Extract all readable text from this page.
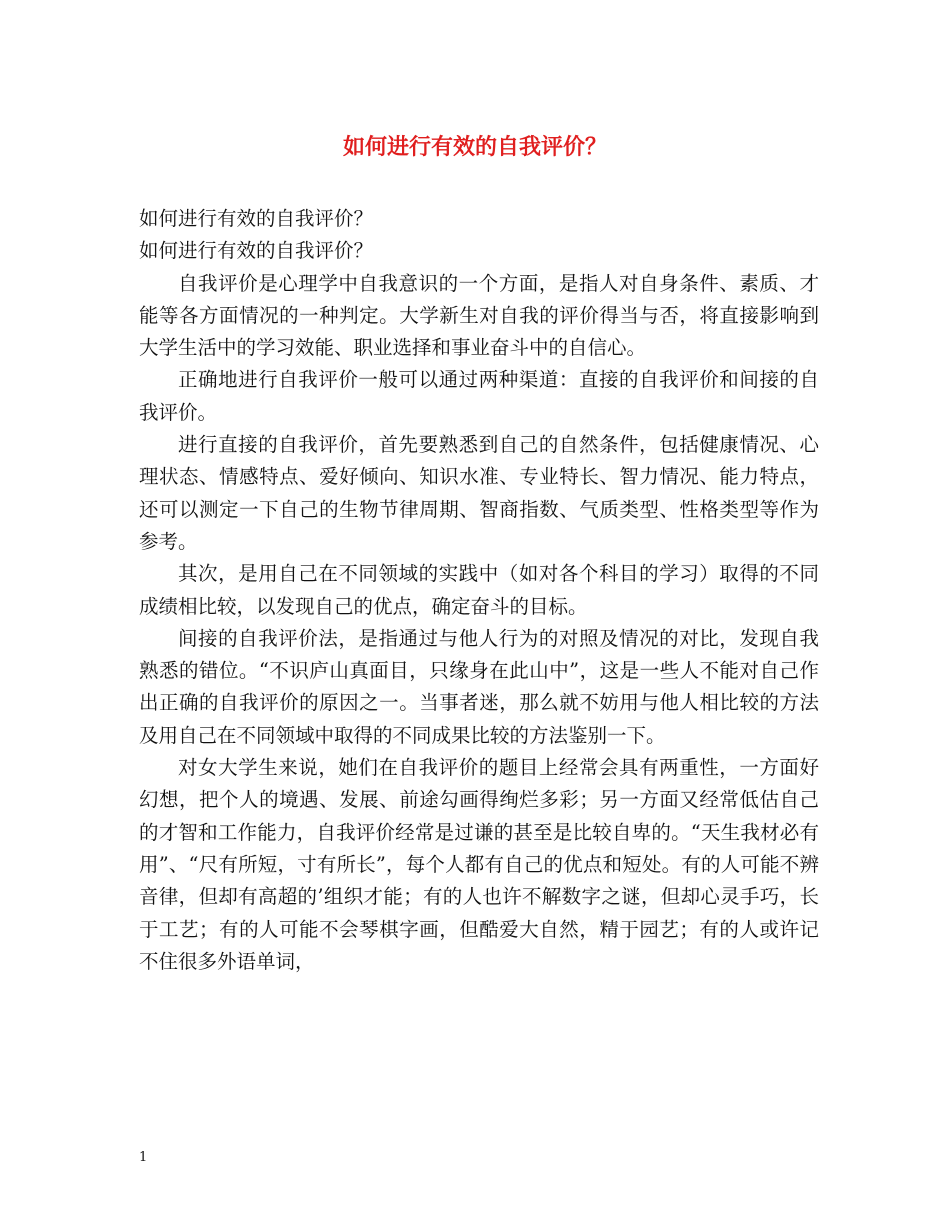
如何进行有效的自我评价？

如何进行有效的自我评价？

如何进行有效的自我评价？

自我评价是心理学中自我意识的一个方面，是指人对自身条件、素质、才能等各方面情况的一种判定。大学新生对自我的评价得当与否，将直接影响到大学生活中的学习效能、职业选择和事业奋斗中的自信心。

正确地进行自我评价一般可以通过两种渠道：直接的自我评价和间接的自我评价。

进行直接的自我评价，首先要熟悉到自己的自然条件，包括健康情况、心理状态、情感特点、爱好倾向、知识水准、专业特长、智力情况、能力特点，还可以测定一下自己的生物节律周期、智商指数、气质类型、性格类型等作为参考。

其次，是用自己在不同领域的实践中（如对各个科目的学习）取得的不同成绩相比较，以发现自己的优点，确定奋斗的目标。

间接的自我评价法，是指通过与他人行为的对照及情况的对比，发现自我熟悉的错位。“不识庐山真面目，只缘身在此山中”，这是一些人不能对自己作出正确的自我评价的原因之一。当事者迷，那么就不妨用与他人相比较的方法及用自己在不同领域中取得的不同成果比较的方法鉴别一下。

对女大学生来说，她们在自我评价的题目上经常会具有两重性，一方面好幻想，把个人的境遇、发展、前途勾画得绚烂多彩；另一方面又经常低估自己的才智和工作能力，自我评价经常是过谦的甚至是比较自卑的。“天生我材必有用”、“尺有所短，寸有所长”，每个人都有自己的优点和短处。有的人可能不辨音律，但却有高超的’组织才能；有的人也许不解数字之谜，但却心灵手巧，长于工艺；有的人可能不会琴棋字画，但酷爱大自然，精于园艺；有的人或许记不住很多外语单词，

1
